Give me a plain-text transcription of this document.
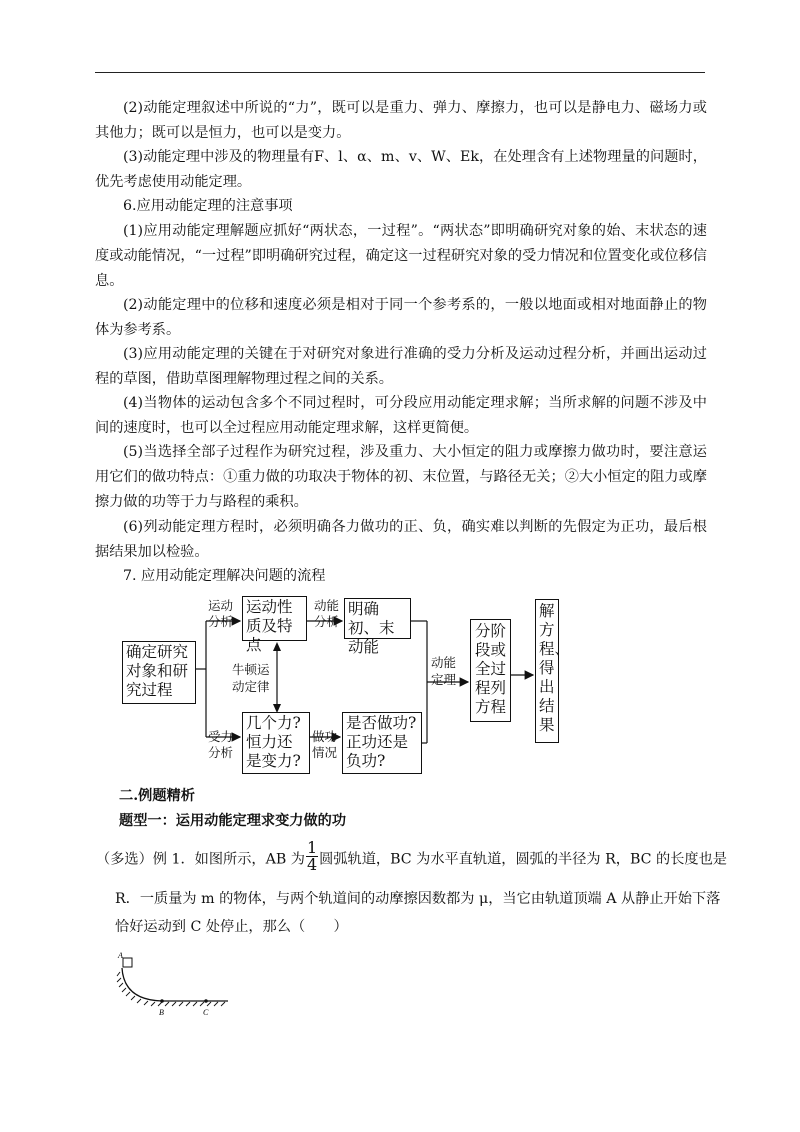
(2)动能定理叙述中所说的“力”，既可以是重力、弹力、摩擦力，也可以是静电力、磁场力或其他力；既可以是恒力，也可以是变力。
(3)动能定理中涉及的物理量有F、l、α、m、v、W、Ek，在处理含有上述物理量的问题时，优先考虑使用动能定理。
6.应用动能定理的注意事项
(1)应用动能定理解题应抓好“两状态，一过程”。“两状态”即明确研究对象的始、末状态的速度或动能情况，“一过程”即明确研究过程，确定这一过程研究对象的受力情况和位置变化或位移信息。
(2)动能定理中的位移和速度必须是相对于同一个参考系的，一般以地面或相对地面静止的物体为参考系。
(3)应用动能定理的关键在于对研究对象进行准确的受力分析及运动过程分析，并画出运动过程的草图，借助草图理解物理过程之间的关系。
(4)当物体的运动包含多个不同过程时，可分段应用动能定理求解；当所求解的问题不涉及中间的速度时，也可以全过程应用动能定理求解，这样更简便。
(5)当选择全部子过程作为研究过程，涉及重力、大小恒定的阻力或摩擦力做功时，要注意运用它们的做功特点：①重力做的功取决于物体的初、末位置，与路径无关；②大小恒定的阻力或摩擦力做的功等于力与路程的乘积。
(6)列动能定理方程时，必须明确各力做功的正、负，确实难以判断的先假定为正功，最后根据结果加以检验。
7. 应用动能定理解决问题的流程
确定研究对象和研究过程
运动性质及特点
明确初、末动能
几个力?恒力还是变力?
是否做功?正功还是负功?
分阶段或全过程列方程
解方程、得出结果
运动分析
动能分析
牛顿运动定律
受力分析
做功情况
动能定理
二.例题精析
题型一：运用动能定理求变力做的功
（多选）例 1．如图所示，AB 为 $\frac{1}{4}$ 圆弧轨道，BC 为水平直轨道，圆弧的半径为 R，BC 的长度也是
R．一质量为 m 的物体，与两个轨道间的动摩擦因数都为 μ，当它由轨道顶端 A 从静止开始下落
恰好运动到 C 处停止，那么（　　）
A
B	C
